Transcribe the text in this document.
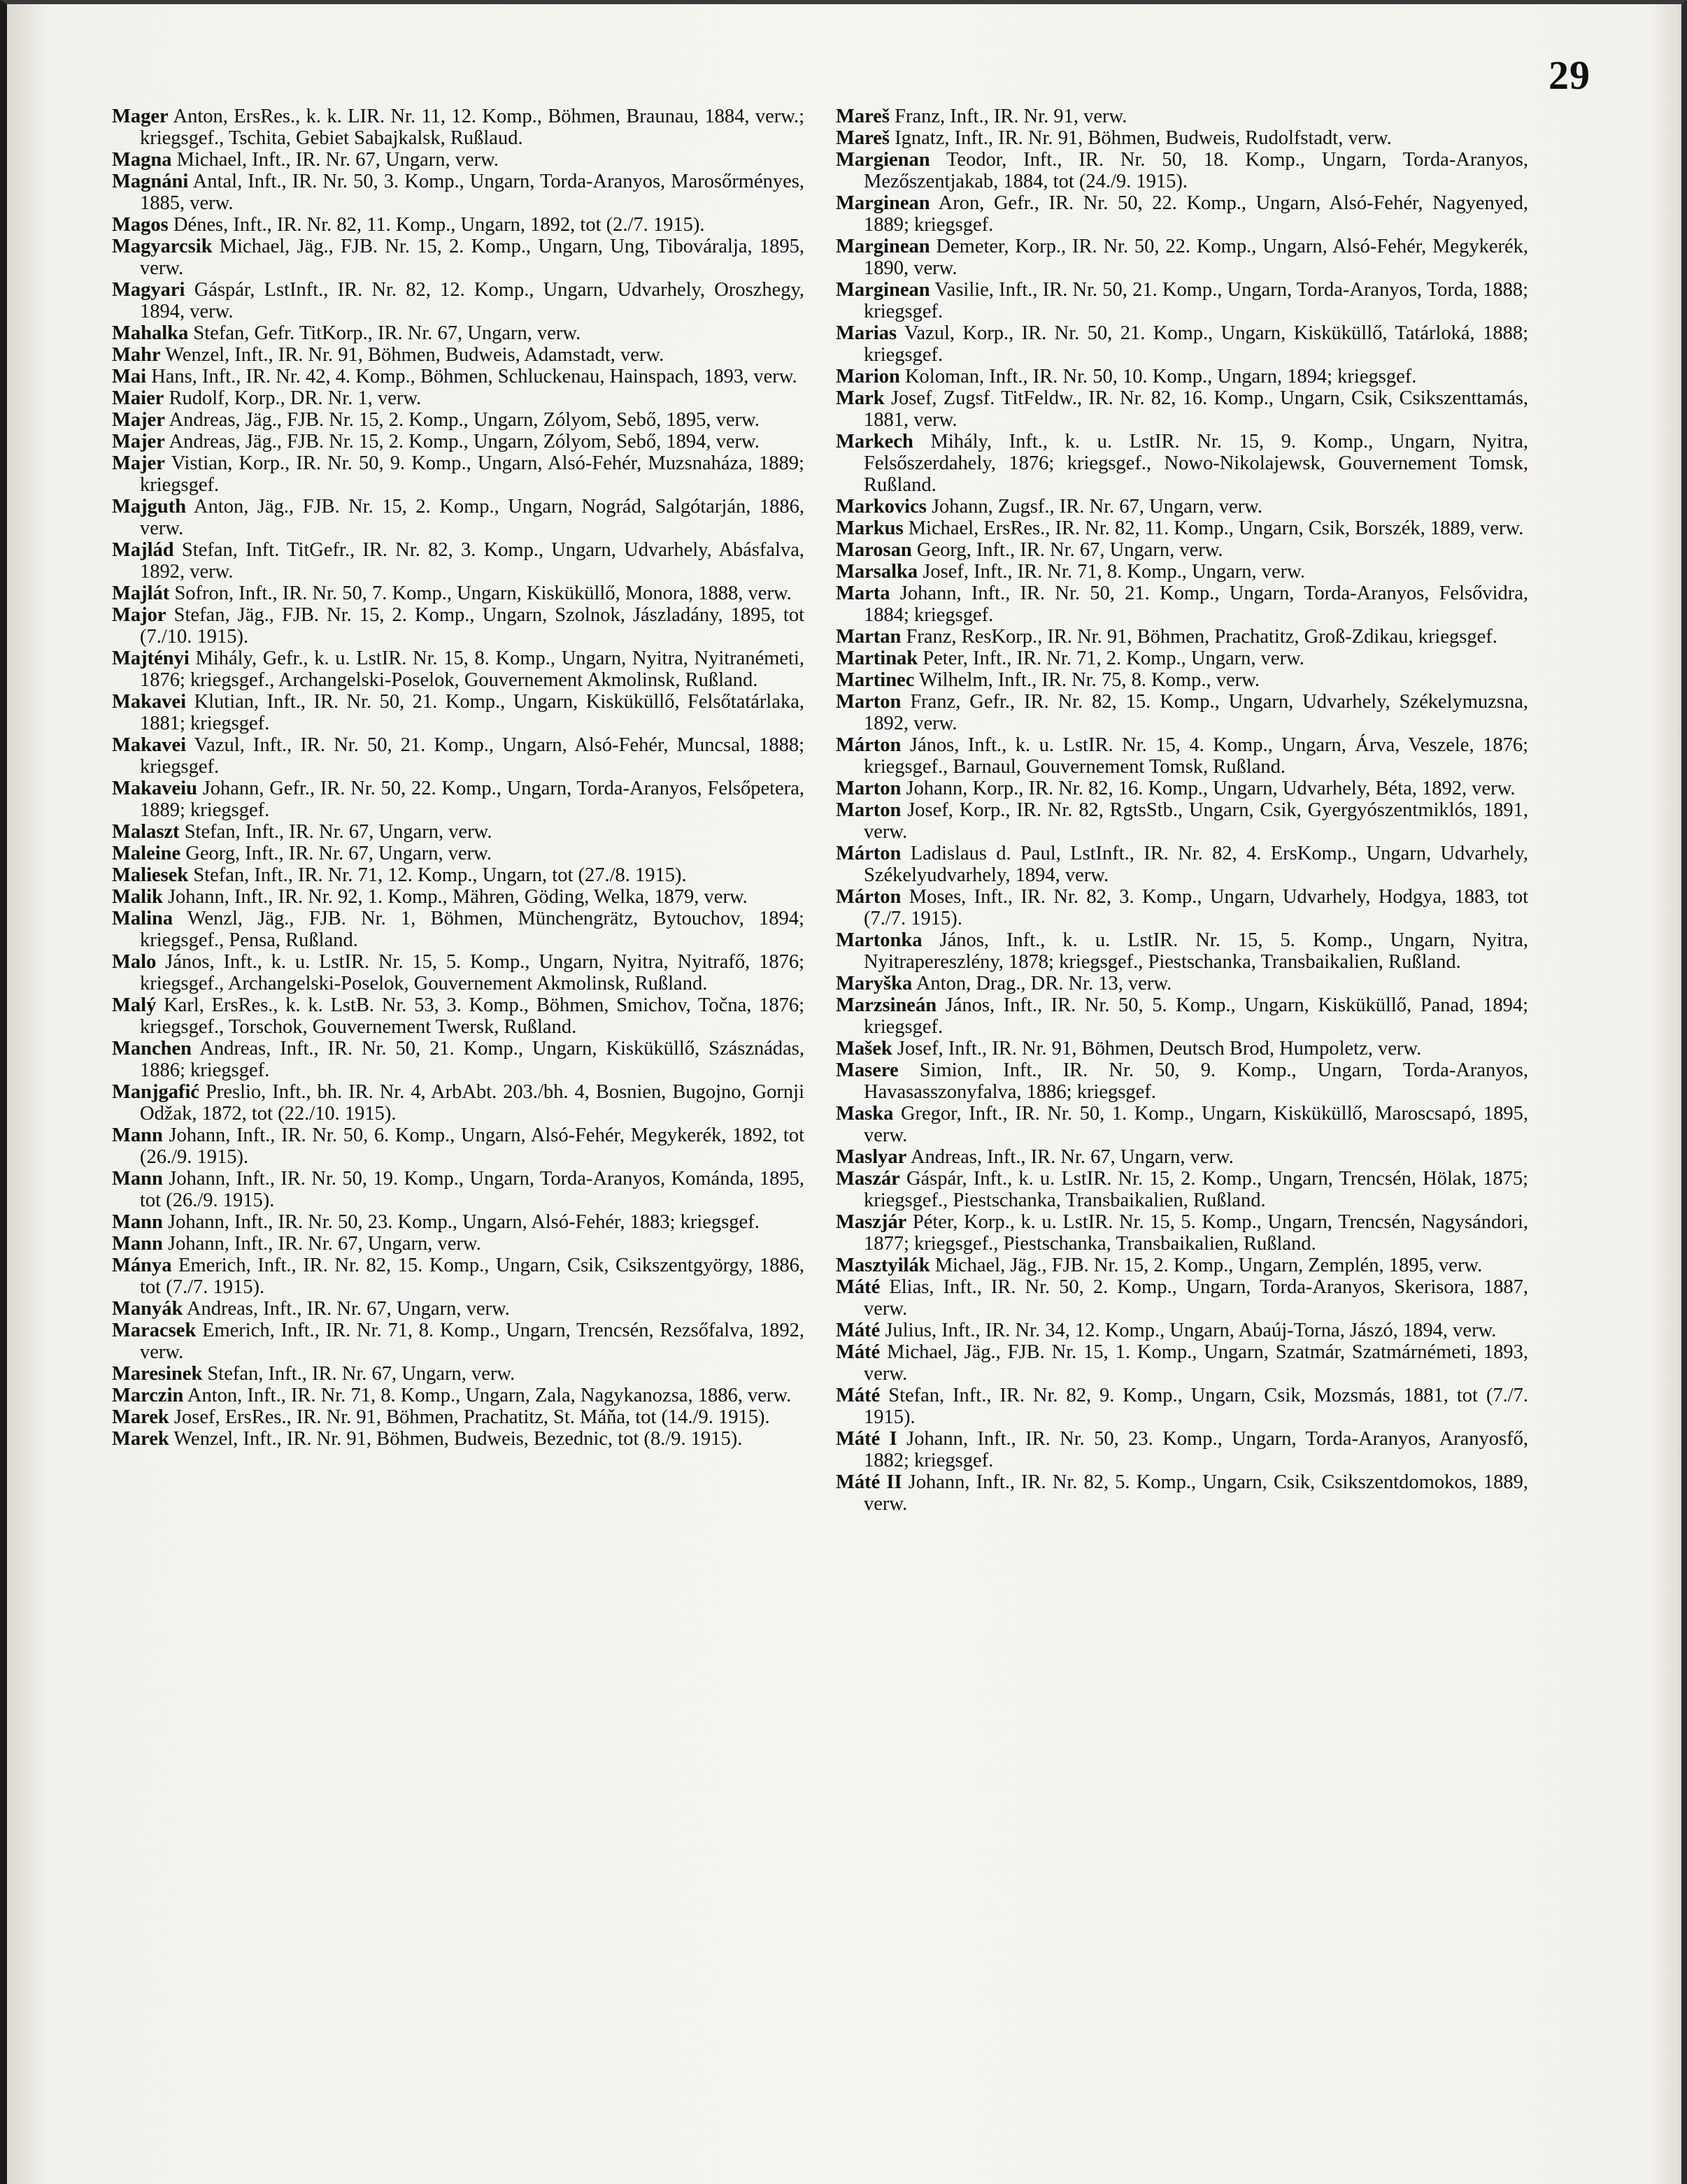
29

Mager Anton, ErsRes., k. k. LIR. Nr. 11, 12. Komp., Böhmen, Braunau, 1884, verw.; kriegsgef., Tschita, Gebiet Sabajkalsk, Rußlaud.

Magna Michael, Inft., IR. Nr. 67, Ungarn, verw.

Magnáni Antal, Inft., IR. Nr. 50, 3. Komp., Ungarn, Torda-Aranyos, Marosőrményes, 1885, verw.

Magos Dénes, Inft., IR. Nr. 82, 11. Komp., Ungarn, 1892, tot (2./7. 1915).

Magyarcsik Michael, Jäg., FJB. Nr. 15, 2. Komp., Ungarn, Ung, Tibováralja, 1895, verw.

Magyari Gáspár, LstInft., IR. Nr. 82, 12. Komp., Ungarn, Udvarhely, Oroszhegy, 1894, verw.

Mahalka Stefan, Gefr. TitKorp., IR. Nr. 67, Ungarn, verw.

Mahr Wenzel, Inft., IR. Nr. 91, Böhmen, Budweis, Adamstadt, verw.

Mai Hans, Inft., IR. Nr. 42, 4. Komp., Böhmen, Schluckenau, Hainspach, 1893, verw.

Maier Rudolf, Korp., DR. Nr. 1, verw.

Majer Andreas, Jäg., FJB. Nr. 15, 2. Komp., Ungarn, Zólyom, Sebő, 1895, verw.

Majer Andreas, Jäg., FJB. Nr. 15, 2. Komp., Ungarn, Zólyom, Sebő, 1894, verw.

Majer Vistian, Korp., IR. Nr. 50, 9. Komp., Ungarn, Alsó-Fehér, Muzsnaháza, 1889; kriegsgef.

Majguth Anton, Jäg., FJB. Nr. 15, 2. Komp., Ungarn, Nográd, Salgótarján, 1886, verw.

Majlád Stefan, Inft. TitGefr., IR. Nr. 82, 3. Komp., Ungarn, Udvarhely, Abásfalva, 1892, verw.

Majlát Sofron, Inft., IR. Nr. 50, 7. Komp., Ungarn, Kisküküllő, Monora, 1888, verw.

Major Stefan, Jäg., FJB. Nr. 15, 2. Komp., Ungarn, Szolnok, Jászladány, 1895, tot (7./10. 1915).

Majtényi Mihály, Gefr., k. u. LstIR. Nr. 15, 8. Komp., Ungarn, Nyitra, Nyitranémeti, 1876; kriegsgef., Archangelski-Poselok, Gouvernement Akmolinsk, Rußland.

Makavei Klutian, Inft., IR. Nr. 50, 21. Komp., Ungarn, Kisküküllő, Felsőtatárlaka, 1881; kriegsgef.

Makavei Vazul, Inft., IR. Nr. 50, 21. Komp., Ungarn, Alsó-Fehér, Muncsal, 1888; kriegsgef.

Makaveiu Johann, Gefr., IR. Nr. 50, 22. Komp., Ungarn, Torda-Aranyos, Felsőpetera, 1889; kriegsgef.

Malaszt Stefan, Inft., IR. Nr. 67, Ungarn, verw.

Maleine Georg, Inft., IR. Nr. 67, Ungarn, verw.

Maliesek Stefan, Inft., IR. Nr. 71, 12. Komp., Ungarn, tot (27./8. 1915).

Malik Johann, Inft., IR. Nr. 92, 1. Komp., Mähren, Göding, Welka, 1879, verw.

Malina Wenzl, Jäg., FJB. Nr. 1, Böhmen, Münchengrätz, Bytouchov, 1894; kriegsgef., Pensa, Rußland.

Malo János, Inft., k. u. LstIR. Nr. 15, 5. Komp., Ungarn, Nyitra, Nyitrafő, 1876; kriegsgef., Archangelski-Poselok, Gouvernement Akmolinsk, Rußland.

Malý Karl, ErsRes., k. k. LstB. Nr. 53, 3. Komp., Böhmen, Smichov, Točna, 1876; kriegsgef., Torschok, Gouvernement Twersk, Rußland.

Manchen Andreas, Inft., IR. Nr. 50, 21. Komp., Ungarn, Kisküküllő, Szásznádas, 1886; kriegsgef.

Manjgafić Preslio, Inft., bh. IR. Nr. 4, ArbAbt. 203./bh. 4, Bosnien, Bugojno, Gornji Odžak, 1872, tot (22./10. 1915).

Mann Johann, Inft., IR. Nr. 50, 6. Komp., Ungarn, Alsó-Fehér, Megykerék, 1892, tot (26./9. 1915).

Mann Johann, Inft., IR. Nr. 50, 19. Komp., Ungarn, Torda-Aranyos, Kománda, 1895, tot (26./9. 1915).

Mann Johann, Inft., IR. Nr. 50, 23. Komp., Ungarn, Alsó-Fehér, 1883; kriegsgef.

Mann Johann, Inft., IR. Nr. 67, Ungarn, verw.

Mánya Emerich, Inft., IR. Nr. 82, 15. Komp., Ungarn, Csik, Csikszentgyörgy, 1886, tot (7./7. 1915).

Manyák Andreas, Inft., IR. Nr. 67, Ungarn, verw.

Maracsek Emerich, Inft., IR. Nr. 71, 8. Komp., Ungarn, Trencsén, Rezsőfalva, 1892, verw.

Maresinek Stefan, Inft., IR. Nr. 67, Ungarn, verw.

Marczin Anton, Inft., IR. Nr. 71, 8. Komp., Ungarn, Zala, Nagykanozsa, 1886, verw.

Marek Josef, ErsRes., IR. Nr. 91, Böhmen, Prachatitz, St. Máňa, tot (14./9. 1915).

Marek Wenzel, Inft., IR. Nr. 91, Böhmen, Budweis, Bezednic, tot (8./9. 1915).

Mareš Franz, Inft., IR. Nr. 91, verw.

Mareš Ignatz, Inft., IR. Nr. 91, Böhmen, Budweis, Rudolfstadt, verw.

Margienan Teodor, Inft., IR. Nr. 50, 18. Komp., Ungarn, Torda-Aranyos, Mezőszentjakab, 1884, tot (24./9. 1915).

Marginean Aron, Gefr., IR. Nr. 50, 22. Komp., Ungarn, Alsó-Fehér, Nagyenyed, 1889; kriegsgef.

Marginean Demeter, Korp., IR. Nr. 50, 22. Komp., Ungarn, Alsó-Fehér, Megykerék, 1890, verw.

Marginean Vasilie, Inft., IR. Nr. 50, 21. Komp., Ungarn, Torda-Aranyos, Torda, 1888; kriegsgef.

Marias Vazul, Korp., IR. Nr. 50, 21. Komp., Ungarn, Kisküküllő, Tatárloká, 1888; kriegsgef.

Marion Koloman, Inft., IR. Nr. 50, 10. Komp., Ungarn, 1894; kriegsgef.

Mark Josef, Zugsf. TitFeldw., IR. Nr. 82, 16. Komp., Ungarn, Csik, Csikszenttamás, 1881, verw.

Markech Mihály, Inft., k. u. LstIR. Nr. 15, 9. Komp., Ungarn, Nyitra, Felsőszerdahely, 1876; kriegsgef., Nowo-Nikolajewsk, Gouvernement Tomsk, Rußland.

Markovics Johann, Zugsf., IR. Nr. 67, Ungarn, verw.

Markus Michael, ErsRes., IR. Nr. 82, 11. Komp., Ungarn, Csik, Borszék, 1889, verw.

Marosan Georg, Inft., IR. Nr. 67, Ungarn, verw.

Marsalka Josef, Inft., IR. Nr. 71, 8. Komp., Ungarn, verw.

Marta Johann, Inft., IR. Nr. 50, 21. Komp., Ungarn, Torda-Aranyos, Felsővidra, 1884; kriegsgef.

Martan Franz, ResKorp., IR. Nr. 91, Böhmen, Prachatitz, Groß-Zdikau, kriegsgef.

Martinak Peter, Inft., IR. Nr. 71, 2. Komp., Ungarn, verw.

Martinec Wilhelm, Inft., IR. Nr. 75, 8. Komp., verw.

Marton Franz, Gefr., IR. Nr. 82, 15. Komp., Ungarn, Udvarhely, Székelymuzsna, 1892, verw.

Márton János, Inft., k. u. LstIR. Nr. 15, 4. Komp., Ungarn, Árva, Veszele, 1876; kriegsgef., Barnaul, Gouvernement Tomsk, Rußland.

Marton Johann, Korp., IR. Nr. 82, 16. Komp., Ungarn, Udvarhely, Béta, 1892, verw.

Marton Josef, Korp., IR. Nr. 82, RgtsStb., Ungarn, Csik, Gyergyószentmiklós, 1891, verw.

Márton Ladislaus d. Paul, LstInft., IR. Nr. 82, 4. ErsKomp., Ungarn, Udvarhely, Székelyudvarhely, 1894, verw.

Márton Moses, Inft., IR. Nr. 82, 3. Komp., Ungarn, Udvarhely, Hodgya, 1883, tot (7./7. 1915).

Martonka János, Inft., k. u. LstIR. Nr. 15, 5. Komp., Ungarn, Nyitra, Nyitrapereszlény, 1878; kriegsgef., Piestschanka, Transbaikalien, Rußland.

Maryška Anton, Drag., DR. Nr. 13, verw.

Marzsineán János, Inft., IR. Nr. 50, 5. Komp., Ungarn, Kisküküllő, Panad, 1894; kriegsgef.

Mašek Josef, Inft., IR. Nr. 91, Böhmen, Deutsch Brod, Humpoletz, verw.

Masere Simion, Inft., IR. Nr. 50, 9. Komp., Ungarn, Torda-Aranyos, Havasasszonyfalva, 1886; kriegsgef.

Maska Gregor, Inft., IR. Nr. 50, 1. Komp., Ungarn, Kisküküllő, Maroscsapó, 1895, verw.

Maslyar Andreas, Inft., IR. Nr. 67, Ungarn, verw.

Maszár Gáspár, Inft., k. u. LstIR. Nr. 15, 2. Komp., Ungarn, Trencsén, Hölak, 1875; kriegsgef., Piestschanka, Transbaikalien, Rußland.

Maszjár Péter, Korp., k. u. LstIR. Nr. 15, 5. Komp., Ungarn, Trencsén, Nagysándori, 1877; kriegsgef., Piestschanka, Transbaikalien, Rußland.

Masztyilák Michael, Jäg., FJB. Nr. 15, 2. Komp., Ungarn, Zemplén, 1895, verw.

Máté Elias, Inft., IR. Nr. 50, 2. Komp., Ungarn, Torda-Aranyos, Skerisora, 1887, verw.

Máté Julius, Inft., IR. Nr. 34, 12. Komp., Ungarn, Abaúj-Torna, Jászó, 1894, verw.

Máté Michael, Jäg., FJB. Nr. 15, 1. Komp., Ungarn, Szatmár, Szatmárnémeti, 1893, verw.

Máté Stefan, Inft., IR. Nr. 82, 9. Komp., Ungarn, Csik, Mozsmás, 1881, tot (7./7. 1915).

Máté I Johann, Inft., IR. Nr. 50, 23. Komp., Ungarn, Torda-Aranyos, Aranyosfő, 1882; kriegsgef.

Máté II Johann, Inft., IR. Nr. 82, 5. Komp., Ungarn, Csik, Csikszentdomokos, 1889, verw.
